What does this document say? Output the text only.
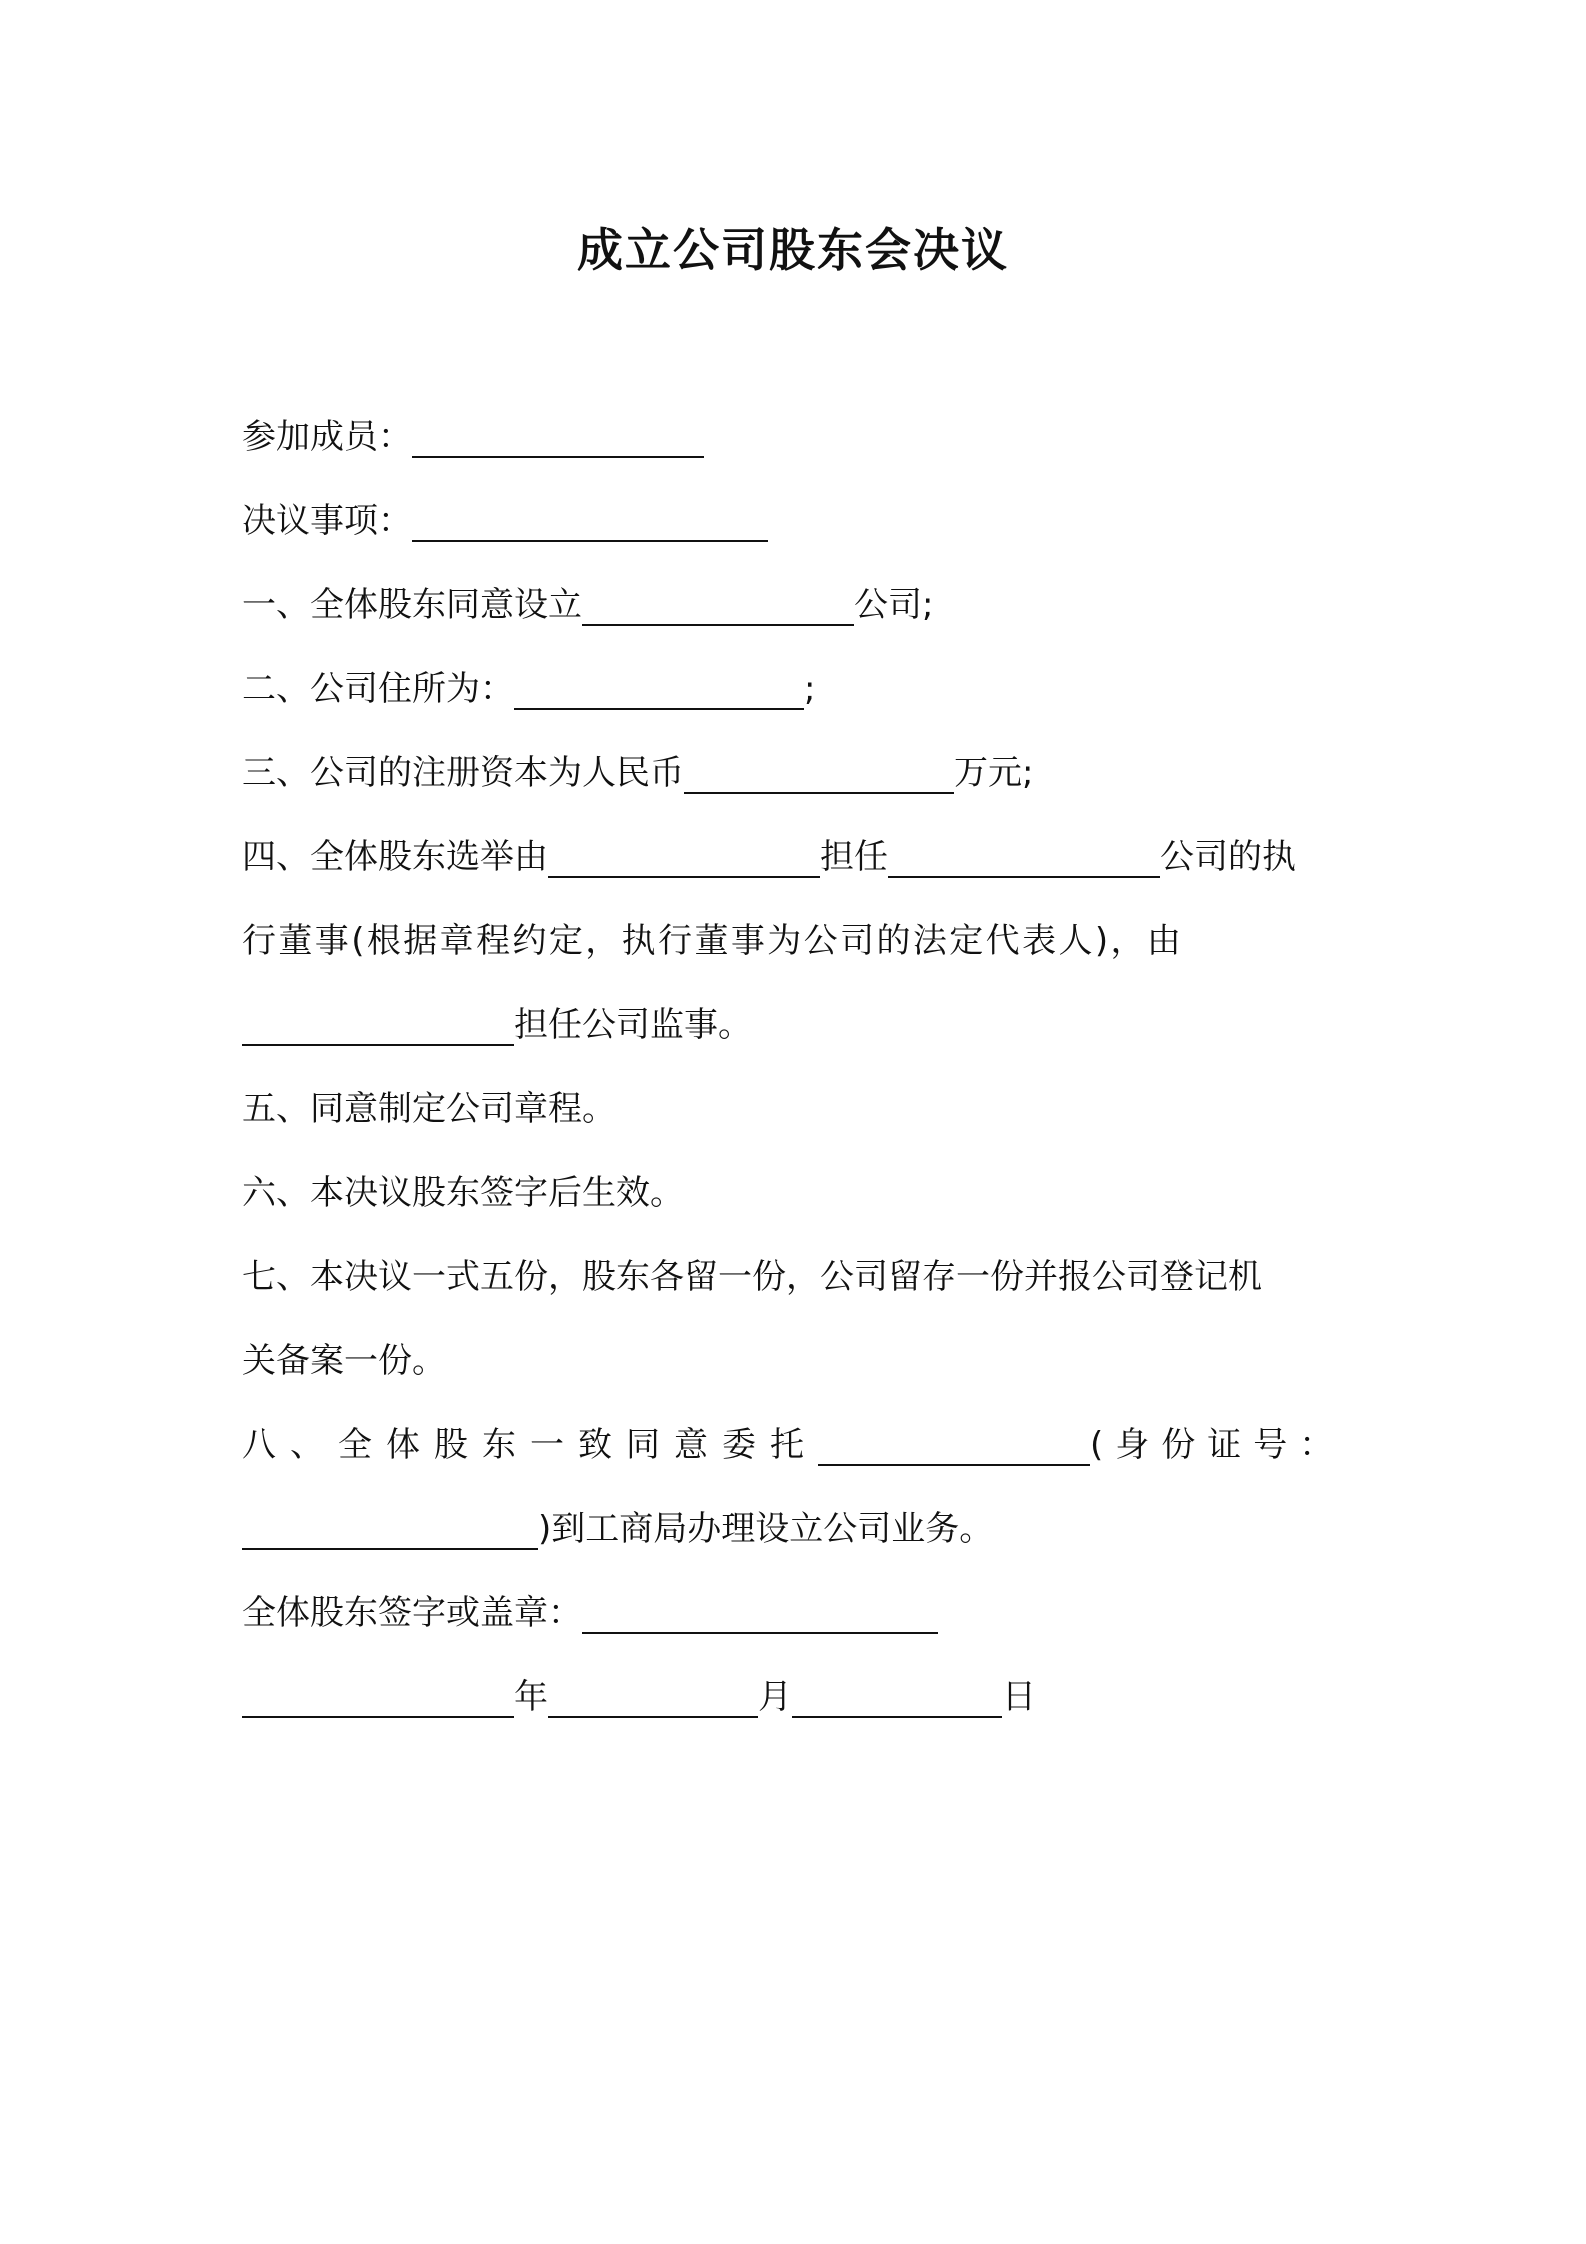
成立公司股东会决议
参加成员：
决议事项：
一、全体股东同意设立	公司;
二、公司住所为：	;
三、公司的注册资本为人民币	万元;
四、全体股东选举由	担任	公司的执
行董事(根据章程约定，执行董事为公司的法定代表人)，由
担任公司监事。
五、同意制定公司章程。
六、本决议股东签字后生效。
七、本决议一式五份，股东各留一份，公司留存一份并报公司登记机
关备案一份。
八、全体股东一致同意委托	(身份证号：
)到工商局办理设立公司业务。
全体股东签字或盖章：
年	月	日
